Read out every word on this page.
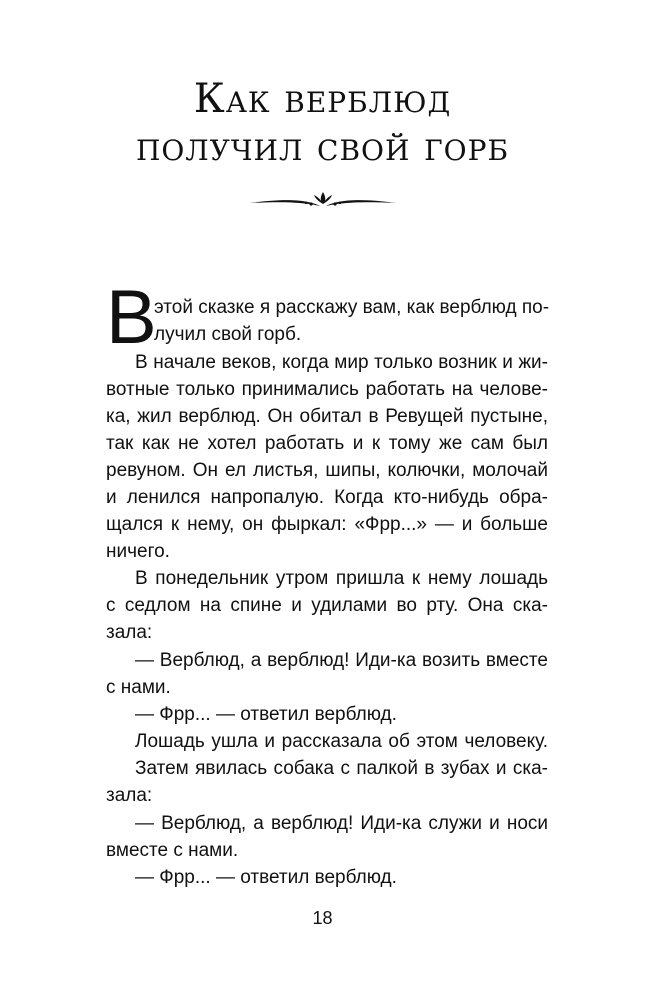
Как верблюд
получил свой горб
В
этой сказке я расскажу вам, как верблюд по-
лучил свой горб.
В начале веков, когда мир только возник и жи-
вотные только принимались работать на челове-
ка, жил верблюд. Он обитал в Ревущей пустыне,
так как не хотел работать и к тому же сам был
ревуном. Он ел листья, шипы, колючки, молочай
и ленился напропалую. Когда кто-нибудь обра-
щался к нему, он фыркал: «Фрр...» — и больше
ничего.
В понедельник утром пришла к нему лошадь
с седлом на спине и удилами во рту. Она ска-
зала:
— Верблюд, а верблюд! Иди-ка возить вместе
с нами.
— Фрр... — ответил верблюд.
Лошадь ушла и рассказала об этом человеку.
Затем явилась собака с палкой в зубах и ска-
зала:
— Верблюд, а верблюд! Иди-ка служи и носи
вместе с нами.
— Фрр... — ответил верблюд.
18
